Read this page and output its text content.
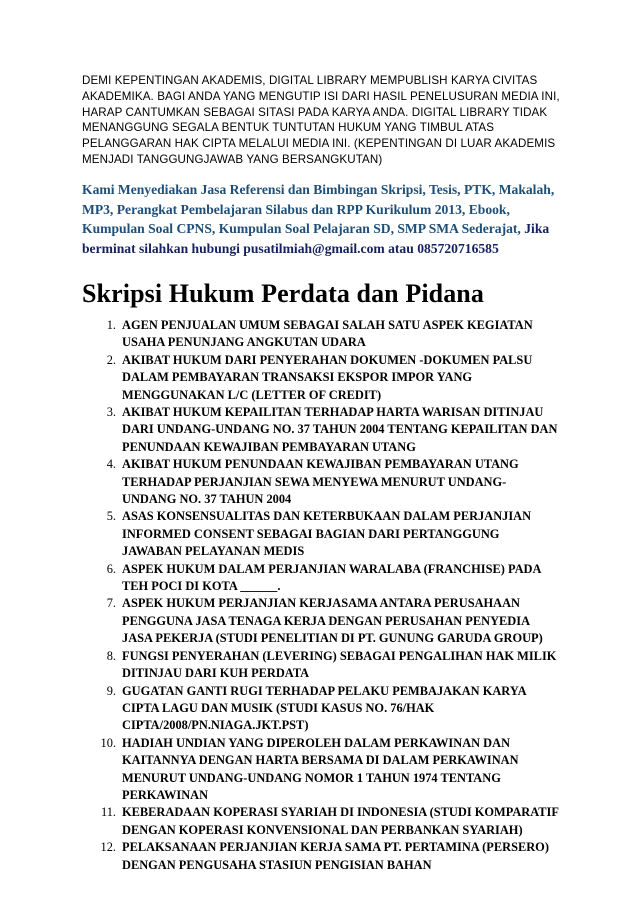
DEMI KEPENTINGAN AKADEMIS, DIGITAL LIBRARY MEMPUBLISH KARYA CIVITAS AKADEMIKA. BAGI ANDA YANG MENGUTIP ISI DARI HASIL PENELUSURAN MEDIA INI, HARAP CANTUMKAN SEBAGAI SITASI PADA KARYA ANDA. DIGITAL LIBRARY TIDAK MENANGGUNG SEGALA BENTUK TUNTUTAN HUKUM YANG TIMBUL ATAS PELANGGARAN HAK CIPTA MELALUI MEDIA INI. (KEPENTINGAN DI LUAR AKADEMIS MENJADI TANGGUNGJAWAB YANG BERSANGKUTAN)

Kami Menyediakan Jasa Referensi dan Bimbingan Skripsi, Tesis, PTK, Makalah, MP3, Perangkat Pembelajaran Silabus dan RPP Kurikulum 2013, Ebook, Kumpulan Soal CPNS, Kumpulan Soal Pelajaran SD, SMP SMA Sederajat, Jika berminat silahkan hubungi pusatilmiah@gmail.com atau 085720716585

Skripsi Hukum Perdata dan Pidana
1. AGEN PENJUALAN UMUM SEBAGAI SALAH SATU ASPEK KEGIATAN USAHA PENUNJANG ANGKUTAN UDARA
2. AKIBAT HUKUM DARI PENYERAHAN DOKUMEN -DOKUMEN PALSU DALAM PEMBAYARAN TRANSAKSI EKSPOR IMPOR YANG MENGGUNAKAN L/C (LETTER OF CREDIT)
3. AKIBAT HUKUM KEPAILITAN TERHADAP HARTA WARISAN DITINJAU DARI UNDANG-UNDANG NO. 37 TAHUN 2004 TENTANG KEPAILITAN DAN PENUNDAAN KEWAJIBAN PEMBAYARAN UTANG
4. AKIBAT HUKUM PENUNDAAN KEWAJIBAN PEMBAYARAN UTANG TERHADAP PERJANJIAN SEWA MENYEWA MENURUT UNDANG-UNDANG NO. 37 TAHUN 2004
5. ASAS KONSENSUALITAS DAN KETERBUKAAN DALAM PERJANJIAN INFORMED CONSENT SEBAGAI BAGIAN DARI PERTANGGUNG JAWABAN PELAYANAN MEDIS
6. ASPEK HUKUM DALAM PERJANJIAN WARALABA (FRANCHISE) PADA TEH POCI DI KOTA ______.
7. ASPEK HUKUM PERJANJIAN KERJASAMA ANTARA PERUSAHAAN PENGGUNA JASA TENAGA KERJA DENGAN PERUSAHAN PENYEDIA JASA PEKERJA (STUDI PENELITIAN DI PT. GUNUNG GARUDA GROUP)
8. FUNGSI PENYERAHAN (LEVERING) SEBAGAI PENGALIHAN HAK MILIK DITINJAU DARI KUH PERDATA
9. GUGATAN GANTI RUGI TERHADAP PELAKU PEMBAJAKAN KARYA CIPTA LAGU DAN MUSIK (STUDI KASUS NO. 76/HAK CIPTA/2008/PN.NIAGA.JKT.PST)
10. HADIAH UNDIAN YANG DIPEROLEH DALAM PERKAWINAN DAN KAITANNYA DENGAN HARTA BERSAMA DI DALAM PERKAWINAN MENURUT UNDANG-UNDANG NOMOR 1 TAHUN 1974 TENTANG PERKAWINAN
11. KEBERADAAN KOPERASI SYARIAH DI INDONESIA (STUDI KOMPARATIF DENGAN KOPERASI KONVENSIONAL DAN PERBANKAN SYARIAH)
12. PELAKSANAAN PERJANJIAN KERJA SAMA PT. PERTAMINA (PERSERO) DENGAN PENGUSAHA STASIUN PENGISIAN BAHAN
